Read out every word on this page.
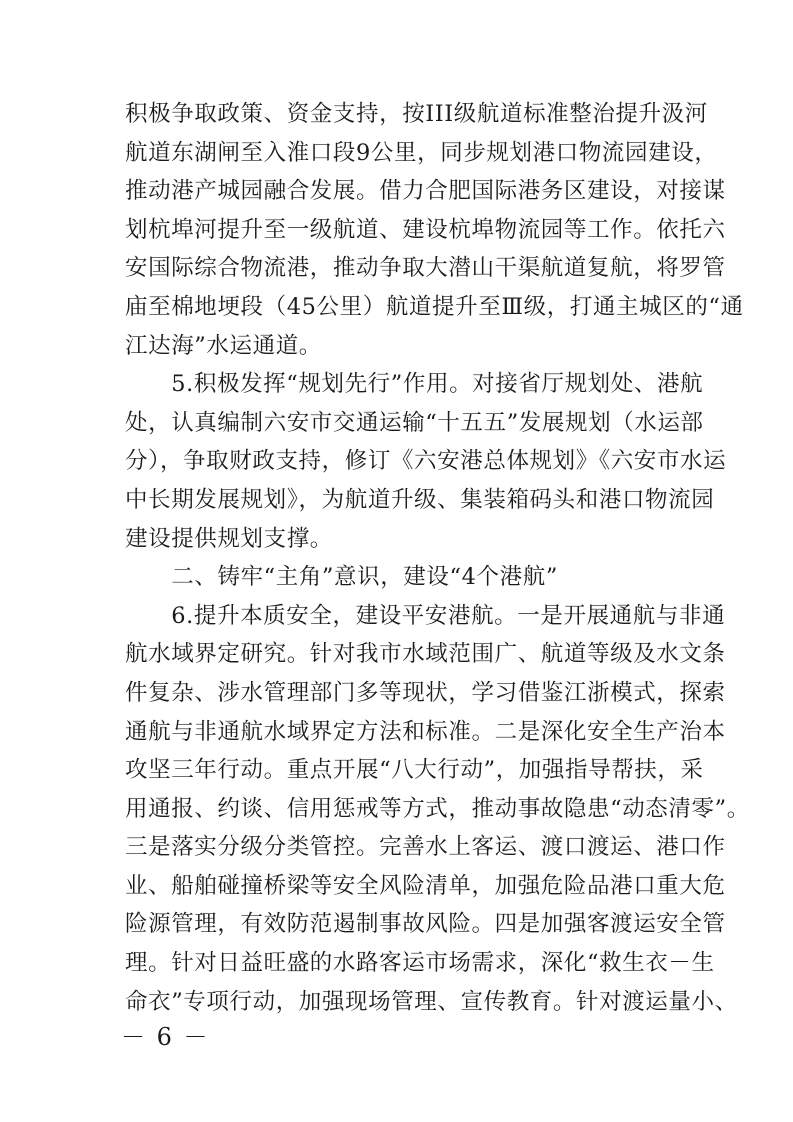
积极争取政策、资金支持，按III级航道标准整治提升汲河
航道东湖闸至入淮口段9公里，同步规划港口物流园建设，
推动港产城园融合发展。借力合肥国际港务区建设，对接谋
划杭埠河提升至一级航道、建设杭埠物流园等工作。依托六
安国际综合物流港，推动争取大潜山干渠航道复航，将罗管
庙至棉地埂段（45公里）航道提升至Ⅲ级，打通主城区的“通
江达海”水运通道。
　　5.积极发挥“规划先行”作用。对接省厅规划处、港航
处，认真编制六安市交通运输“十五五”发展规划（水运部
分），争取财政支持，修订《六安港总体规划》《六安市水运
中长期发展规划》，为航道升级、集装箱码头和港口物流园
建设提供规划支撑。
　　二、铸牢“主角”意识，建设“4个港航”
　　6.提升本质安全，建设平安港航。一是开展通航与非通
航水域界定研究。针对我市水域范围广、航道等级及水文条
件复杂、涉水管理部门多等现状，学习借鉴江浙模式，探索
通航与非通航水域界定方法和标准。二是深化安全生产治本
攻坚三年行动。重点开展“八大行动”，加强指导帮扶，采
用通报、约谈、信用惩戒等方式，推动事故隐患“动态清零”。
三是落实分级分类管控。完善水上客运、渡口渡运、港口作
业、船舶碰撞桥梁等安全风险清单，加强危险品港口重大危
险源管理，有效防范遏制事故风险。四是加强客渡运安全管
理。针对日益旺盛的水路客运市场需求，深化“救生衣－生
命衣”专项行动，加强现场管理、宣传教育。针对渡运量小、
－ 6 －
